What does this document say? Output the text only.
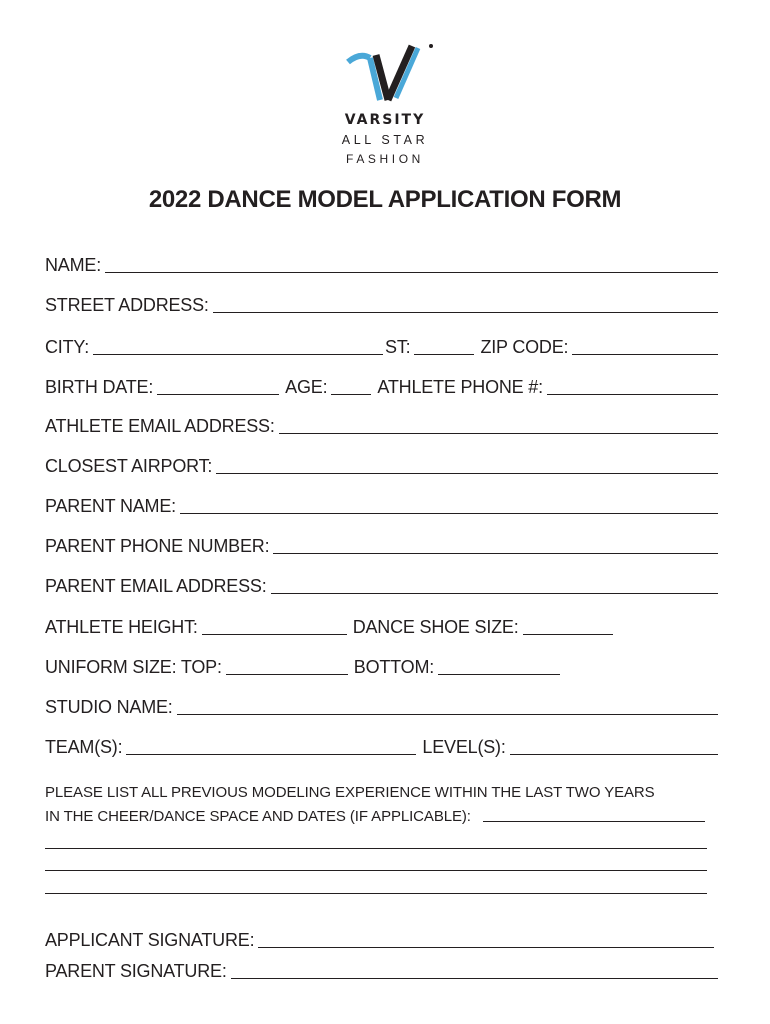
VARSITY
ALL STAR
FASHION
2022 DANCE MODEL APPLICATION FORM
NAME:
STREET ADDRESS:
CITY:	ST:	ZIP CODE:
BIRTH DATE:	AGE:	ATHLETE PHONE #:
ATHLETE EMAIL ADDRESS:
CLOSEST AIRPORT:
PARENT NAME:
PARENT PHONE NUMBER:
PARENT EMAIL ADDRESS:
ATHLETE HEIGHT:	DANCE SHOE SIZE:
UNIFORM SIZE: TOP:	BOTTOM:
STUDIO NAME:
TEAM(S):	LEVEL(S):
PLEASE LIST ALL PREVIOUS MODELING EXPERIENCE WITHIN THE LAST TWO YEARS
IN THE CHEER/DANCE SPACE AND DATES (IF APPLICABLE):
APPLICANT SIGNATURE:
PARENT SIGNATURE:
